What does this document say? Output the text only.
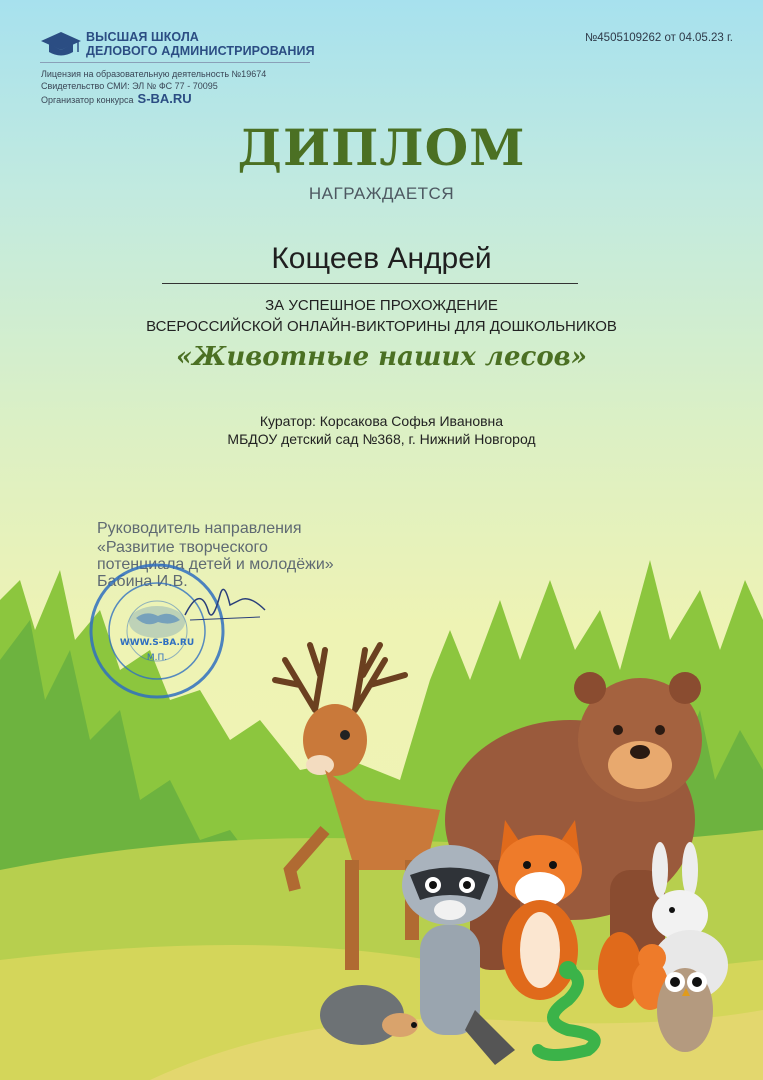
ВЫСШАЯ ШКОЛА
ДЕЛОВОГО АДМИНИСТРИРОВАНИЯ
Лицензия на образовательную деятельность №19674
Свидетельство СМИ: ЭЛ № ФС 77 - 70095
Организатор конкурса S-BA.RU
№4505109262 от 04.05.23 г.
ДИПЛОМ
НАГРАЖДАЕТСЯ
Кощеев Андрей
ЗА УСПЕШНОЕ ПРОХОЖДЕНИЕ
ВСЕРОССИЙСКОЙ ОНЛАЙН-ВИКТОРИНЫ ДЛЯ ДОШКОЛЬНИКОВ
«Животные наших лесов»
Куратор: Корсакова Софья Ивановна
МБДОУ детский сад №368, г. Нижний Новгород
Руководитель направления
«Развитие творческого
потенциала детей и молодёжи»
Бабина И.В.
WWW.S-BA.RU
М.П.
